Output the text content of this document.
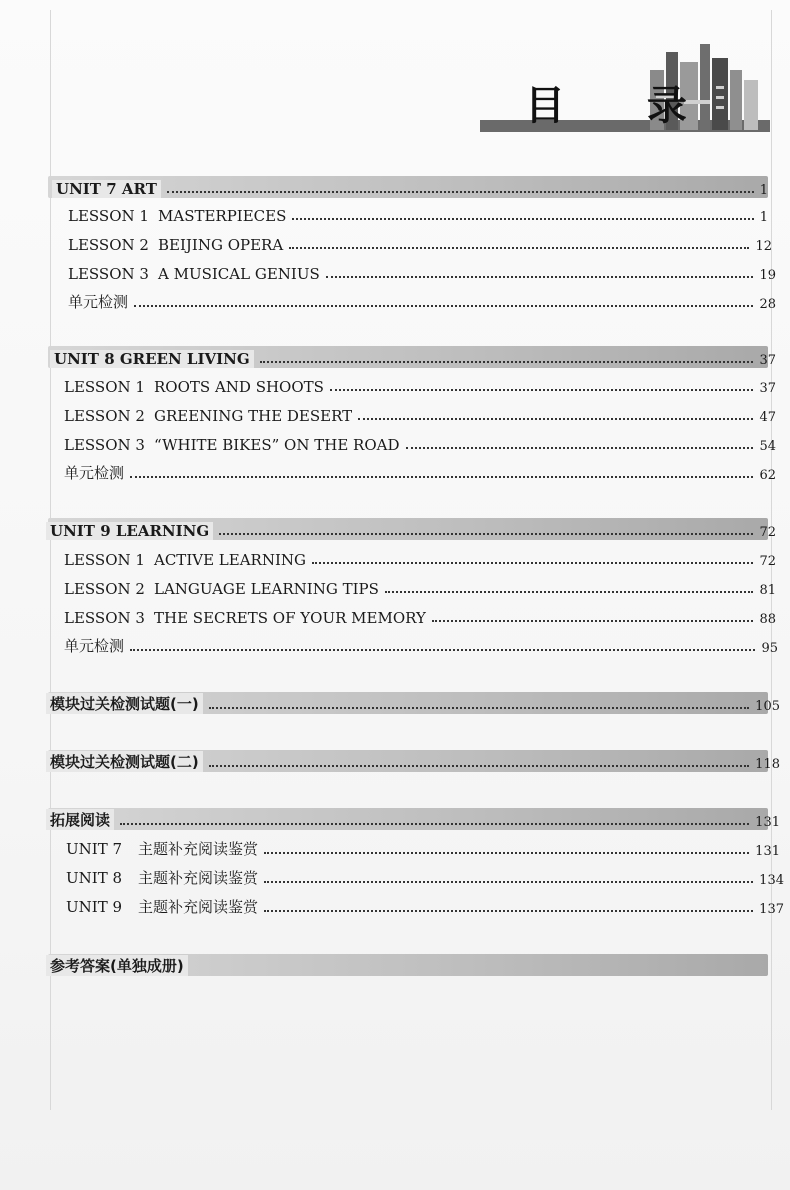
目 录
UNIT 7 ART	1
LESSON 1 MASTERPIECES	1
LESSON 2 BEIJING OPERA	12
LESSON 3 A MUSICAL GENIUS	19
单元检测	28
UNIT 8 GREEN LIVING	37
LESSON 1 ROOTS AND SHOOTS	37
LESSON 2 GREENING THE DESERT	47
LESSON 3 “WHITE BIKES” ON THE ROAD	54
单元检测	62
UNIT 9 LEARNING	72
LESSON 1 ACTIVE LEARNING	72
LESSON 2 LANGUAGE LEARNING TIPS	81
LESSON 3 THE SECRETS OF YOUR MEMORY	88
单元检测	95
模块过关检测试题(一)	105
模块过关检测试题(二)	118
拓展阅读	131
UNIT 7 主题补充阅读鉴赏	131
UNIT 8 主题补充阅读鉴赏	134
UNIT 9 主题补充阅读鉴赏	137
参考答案(单独成册)
